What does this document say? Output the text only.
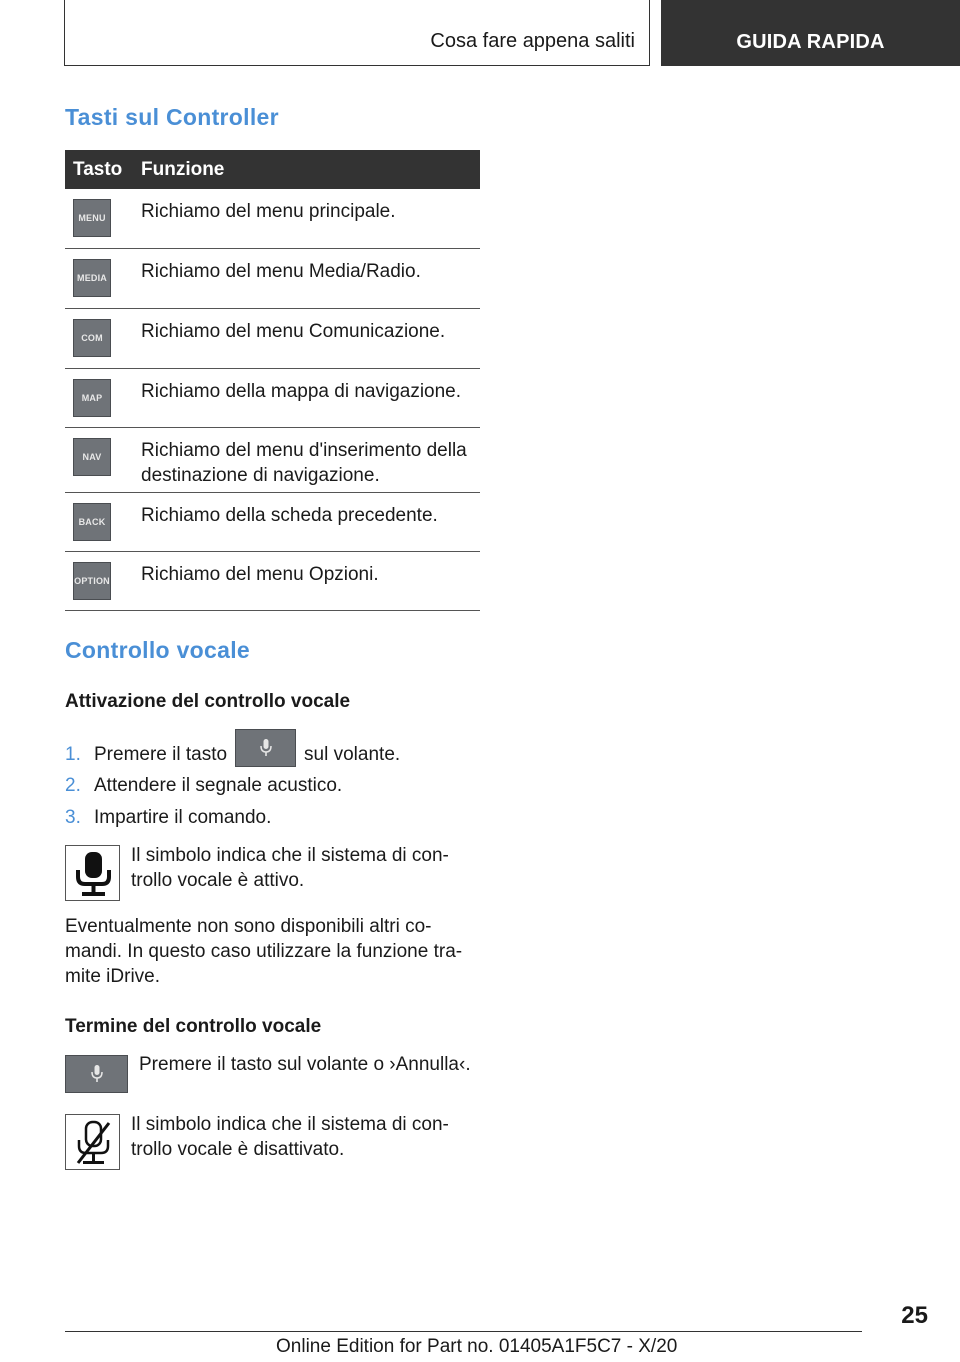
Cosa fare appena saliti	GUIDA RAPIDA
Tasti sul Controller
Tasto Funzione
MENU Richiamo del menu principale.
MEDIA Richiamo del menu Media/Radio.
COM	Richiamo del menu Comunicazione.
MAP	Richiamo della mappa di navigazione.
NAV	Richiamo del menu d'inserimento della destinazione di navigazione.
BACK Richiamo della scheda precedente.
OPTION Richiamo del menu Opzioni.
Controllo vocale
Attivazione del controllo vocale
1. Premere il tasto	sul volante.
2. Attendere il segnale acustico.
3. Impartire il comando.
Il simbolo indica che il sistema di con-trollo vocale è attivo.
Eventualmente non sono disponibili altri co-mandi. In questo caso utilizzare la funzione tra-mite iDrive.
Termine del controllo vocale
Premere il tasto sul volante o ›Annulla‹.
Il simbolo indica che il sistema di con-trollo vocale è disattivato.
25
Online Edition for Part no. 01405A1F5C7 - X/20
